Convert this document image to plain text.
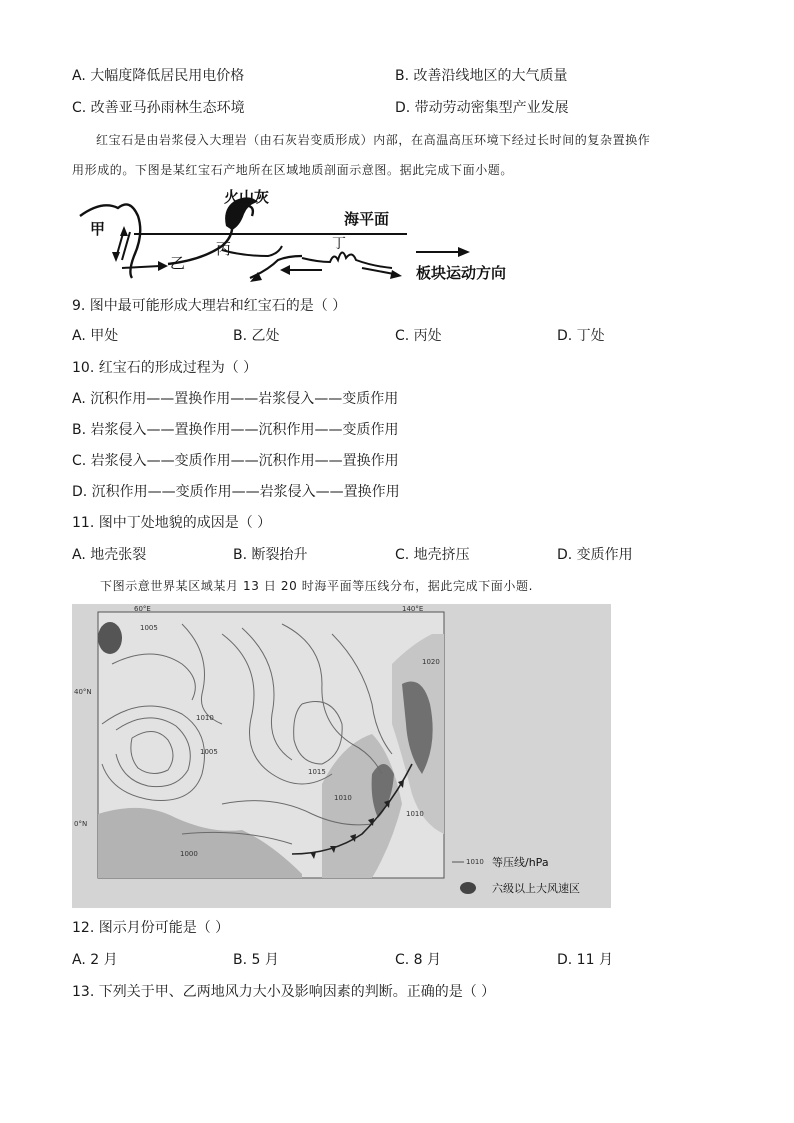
A. 大幅度降低居民用电价格	B. 改善沿线地区的大气质量
C. 改善亚马孙雨林生态环境	D. 带动劳动密集型产业发展
红宝石是由岩浆侵入大理岩（由石灰岩变质形成）内部，在高温高压环境下经过长时间的复杂置换作
用形成的。下图是某红宝石产地所在区域地质剖面示意图。据此完成下面小题。
火山灰
海平面
甲
乙
丙	丁
板块运动方向
9. 图中最可能形成大理岩和红宝石的是（ ）
A. 甲处	B. 乙处	C. 丙处	D. 丁处
10. 红宝石的形成过程为（ ）
A. 沉积作用——置换作用——岩浆侵入——变质作用
B. 岩浆侵入——置换作用——沉积作用——变质作用
C. 岩浆侵入——变质作用——沉积作用——置换作用
D. 沉积作用——变质作用——岩浆侵入——置换作用
11. 图中丁处地貌的成因是（ ）
A. 地壳张裂	B. 断裂抬升	C. 地壳挤压	D. 变质作用
下图示意世界某区域某月 13 日 20 时海平面等压线分布，据此完成下面小题.
1005
1010
1005
1015
1010
1020
1010
1000
60°E	140°E
40°N
0°N
1010 等压线/hPa
六级以上大风速区
12. 图示月份可能是（ ）
A. 2 月	B. 5 月	C. 8 月	D. 11 月
13. 下列关于甲、乙两地风力大小及影响因素的判断。正确的是（ ）
